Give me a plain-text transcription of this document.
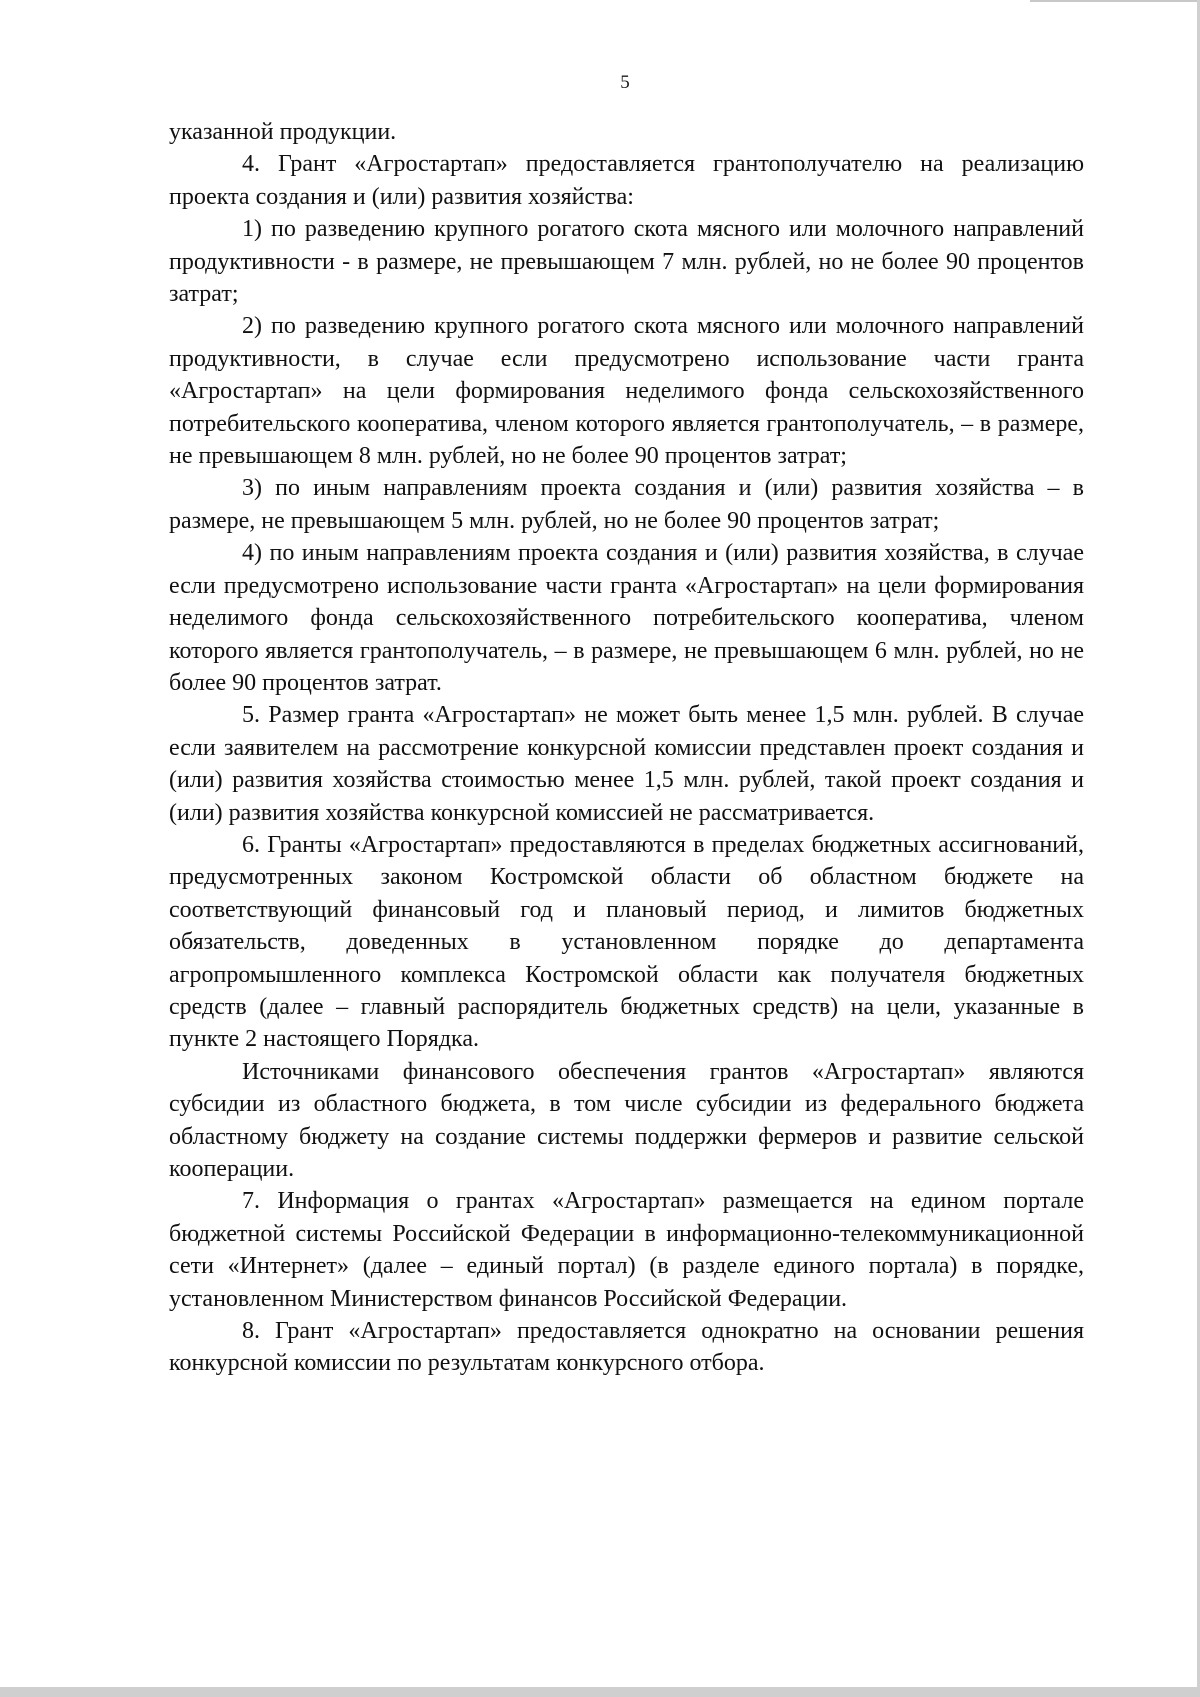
5

указанной продукции.

4. Грант «Агростартап» предоставляется грантополучателю на реализацию проекта создания и (или) развития хозяйства:

1) по разведению крупного рогатого скота мясного или молочного направлений продуктивности - в размере, не превышающем 7 млн. рублей, но не более 90 процентов затрат;

2) по разведению крупного рогатого скота мясного или молочного направлений продуктивности, в случае если предусмотрено использование части гранта «Агростартап» на цели формирования неделимого фонда сельскохозяйственного потребительского кооператива, членом которого является грантополучатель, – в размере, не превышающем 8 млн. рублей, но не более 90 процентов затрат;

3) по иным направлениям проекта создания и (или) развития хозяйства – в размере, не превышающем 5 млн. рублей, но не более 90 процентов затрат;

4) по иным направлениям проекта создания и (или) развития хозяйства, в случае если предусмотрено использование части гранта «Агростартап» на цели формирования неделимого фонда сельскохозяйственного потребительского кооператива, членом которого является грантополучатель, – в размере, не превышающем 6 млн. рублей, но не более 90 процентов затрат.

5. Размер гранта «Агростартап» не может быть менее 1,5 млн. рублей. В случае если заявителем на рассмотрение конкурсной комиссии представлен проект создания и (или) развития хозяйства стоимостью менее 1,5 млн. рублей, такой проект создания и (или) развития хозяйства конкурсной комиссией не рассматривается.

6. Гранты «Агростартап» предоставляются в пределах бюджетных ассигнований, предусмотренных законом Костромской области об областном бюджете на соответствующий финансовый год и плановый период, и лимитов бюджетных обязательств, доведенных в установленном порядке до департамента агропромышленного комплекса Костромской области как получателя бюджетных средств (далее – главный распорядитель бюджетных средств) на цели, указанные в пункте 2 настоящего Порядка.

Источниками финансового обеспечения грантов «Агростартап» являются субсидии из областного бюджета, в том числе субсидии из федерального бюджета областному бюджету на создание системы поддержки фермеров и развитие сельской кооперации.

7. Информация о грантах «Агростартап» размещается на едином портале бюджетной системы Российской Федерации в информационно-телекоммуникационной сети «Интернет» (далее – единый портал) (в разделе единого портала) в порядке, установленном Министерством финансов Российской Федерации.

8. Грант «Агростартап» предоставляется однократно на основании решения конкурсной комиссии по результатам конкурсного отбора.
